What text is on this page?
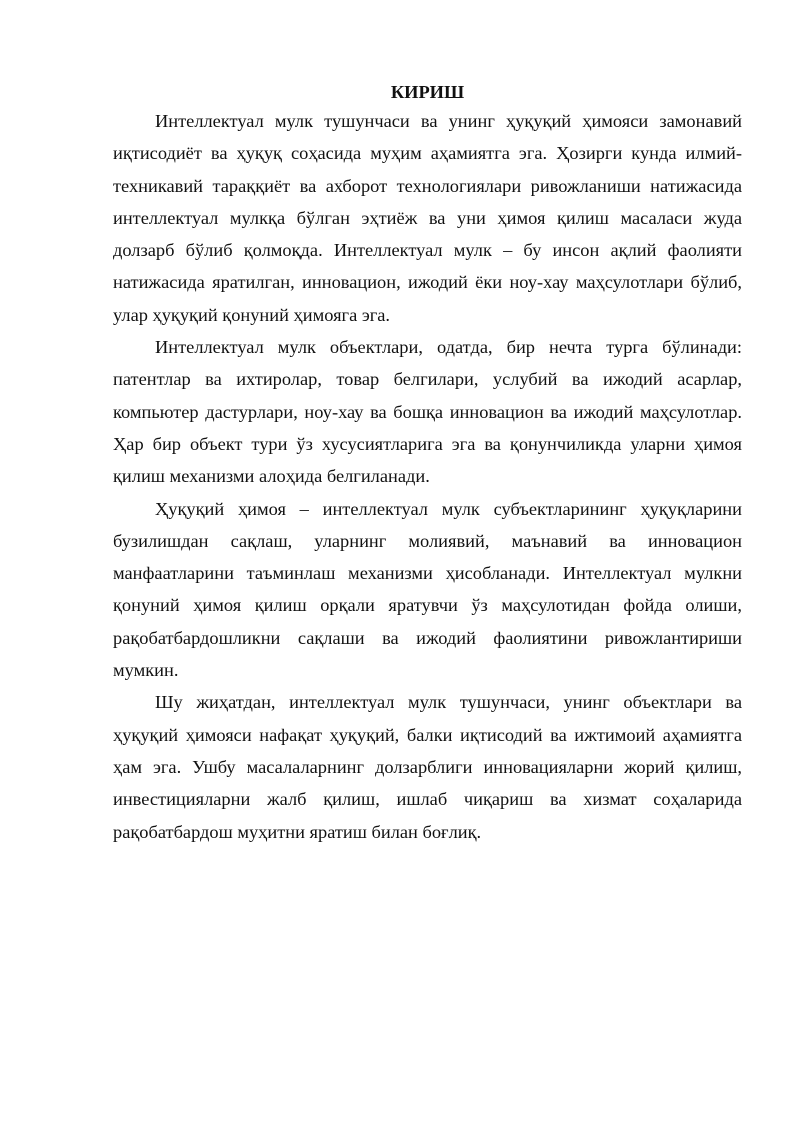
КИРИШ

Интеллектуал мулк тушунчаси ва унинг ҳуқуқий ҳимояси замонавий иқтисодиёт ва ҳуқуқ соҳасида муҳим аҳамиятга эга. Ҳозирги кунда илмий-техникавий тараққиёт ва ахборот технологиялари ривожланиши натижасида интеллектуал мулкқа бўлган эҳтиёж ва уни ҳимоя қилиш масаласи жуда долзарб бўлиб қолмоқда. Интеллектуал мулк – бу инсон ақлий фаолияти натижасида яратилган, инновацион, ижодий ёки ноу-хау маҳсулотлари бўлиб, улар ҳуқуқий қонуний ҳимояга эга.

Интеллектуал мулк объектлари, одатда, бир нечта турга бўлинади: патентлар ва ихтиролар, товар белгилари, услубий ва ижодий асарлар, компьютер дастурлари, ноу-хау ва бошқа инновацион ва ижодий маҳсулотлар. Ҳар бир объект тури ўз хусусиятларига эга ва қонунчиликда уларни ҳимоя қилиш механизми алоҳида белгиланади.

Ҳуқуқий ҳимоя – интеллектуал мулк субъектларининг ҳуқуқларини бузилишдан сақлаш, уларнинг молиявий, маънавий ва инновацион манфаатларини таъминлаш механизми ҳисобланади. Интеллектуал мулкни қонуний ҳимоя қилиш орқали яратувчи ўз маҳсулотидан фойда олиши, рақобатбардошликни сақлаши ва ижодий фаолиятини ривожлантириши мумкин.

Шу жиҳатдан, интеллектуал мулк тушунчаси, унинг объектлари ва ҳуқуқий ҳимояси нафақат ҳуқуқий, балки иқтисодий ва ижтимоий аҳамиятга ҳам эга. Ушбу масалаларнинг долзарблиги инновацияларни жорий қилиш, инвестицияларни жалб қилиш, ишлаб чиқариш ва хизмат соҳаларида рақобатбардош муҳитни яратиш билан боғлиқ.
